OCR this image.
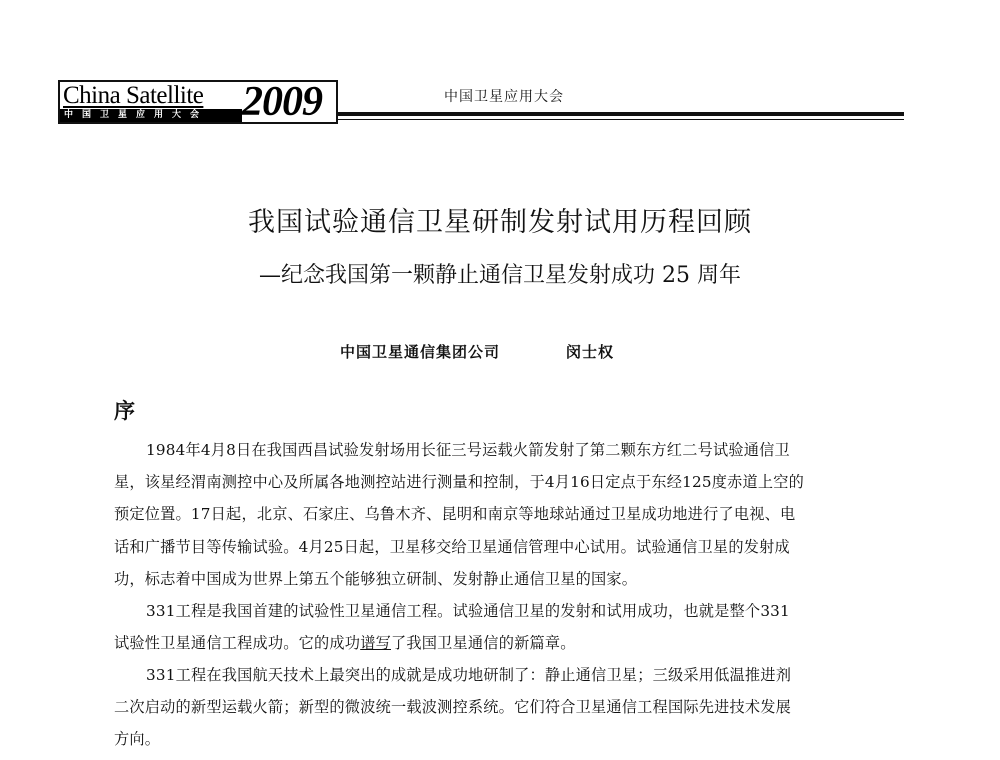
China Satellite
中国卫星应用大会 2009	中国卫星应用大会
我国试验通信卫星研制发射试用历程回顾
—纪念我国第一颗静止通信卫星发射成功 25 周年
中国卫星通信集团公司	闵士权
序
1984年4月8日在我国西昌试验发射场用长征三号运载火箭发射了第二颗东方红二号试验通信卫
星，该星经渭南测控中心及所属各地测控站进行测量和控制，于4月16日定点于东经125度赤道上空的
预定位置。17日起，北京、石家庄、乌鲁木齐、昆明和南京等地球站通过卫星成功地进行了电视、电
话和广播节目等传输试验。4月25日起，卫星移交给卫星通信管理中心试用。试验通信卫星的发射成
功，标志着中国成为世界上第五个能够独立研制、发射静止通信卫星的国家。
331工程是我国首建的试验性卫星通信工程。试验通信卫星的发射和试用成功，也就是整个331
试验性卫星通信工程成功。它的成功谱写了我国卫星通信的新篇章。
331工程在我国航天技术上最突出的成就是成功地研制了：静止通信卫星；三级采用低温推进剂
二次启动的新型运载火箭；新型的微波统一载波测控系统。它们符合卫星通信工程国际先进技术发展
方向。
